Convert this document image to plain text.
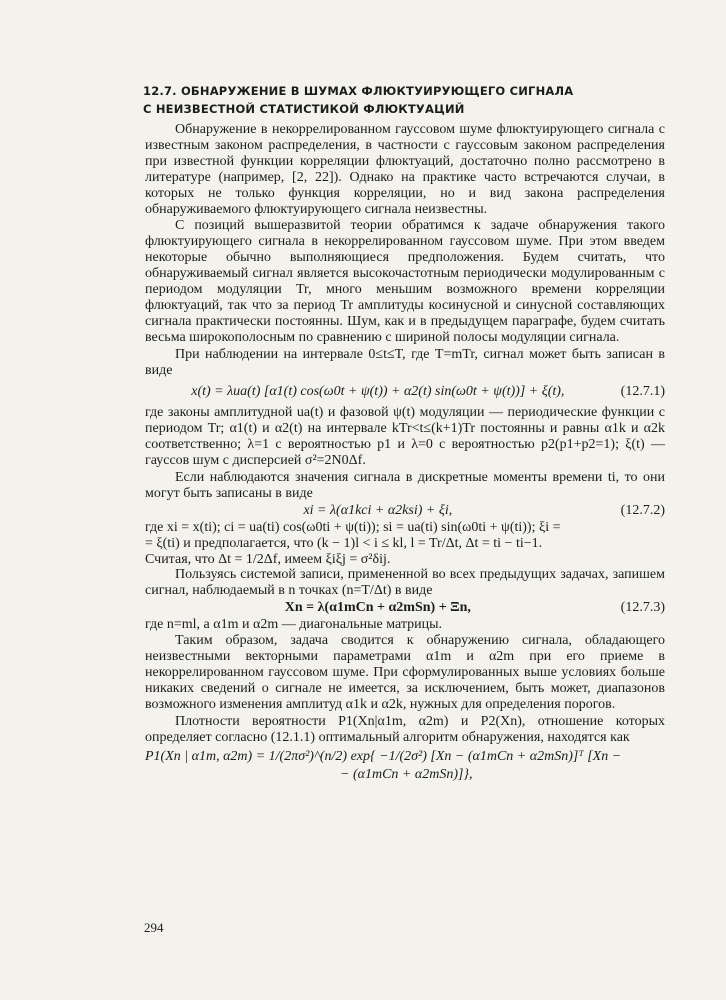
12.7. ОБНАРУЖЕНИЕ В ШУМАХ ФЛЮКТУИРУЮЩЕГО СИГНАЛА
С НЕИЗВЕСТНОЙ СТАТИСТИКОЙ ФЛЮКТУАЦИЙ

Обнаружение в некоррелированном гауссовом шуме флюктуирующего сигнала с известным законом распределения, в частности с гауссовым законом распределения при известной функции корреляции флюктуаций, достаточно полно рассмотрено в литературе (например, [2, 22]). Однако на практике часто встречаются случаи, в которых не только функция корреляции, но и вид закона распределения обнаруживаемого флюктуирующего сигнала неизвестны.

С позиций вышеразвитой теории обратимся к задаче обнаружения такого флюктуирующего сигнала в некоррелированном гауссовом шуме. При этом введем некоторые обычно выполняющиеся предположения. Будем считать, что обнаруживаемый сигнал является высокочастотным периодически модулированным с периодом модуляции Tr, много меньшим возможного времени корреляции флюктуаций, так что за период Tr амплитуды косинусной и синусной составляющих сигнала практически постоянны. Шум, как и в предыдущем параграфе, будем считать весьма широкополосным по сравнению с шириной полосы модуляции сигнала.

При наблюдении на интервале 0≤t≤T, где T=mTr, сигнал может быть записан в виде

x(t) = λua(t) [α1(t) cos(ω0t + ψ(t)) + α2(t) sin(ω0t + ψ(t))] + ξ(t),	(12.7.1)

где законы амплитудной ua(t) и фазовой ψ(t) модуляции — периодические функции с периодом Tr; α1(t) и α2(t) на интервале kTr<t≤(k+1)Tr постоянны и равны α1k и α2k соответственно; λ=1 с вероятностью p1 и λ=0 с вероятностью p2(p1+p2=1); ξ(t) — гауссов шум с дисперсией σ²=2N0Δf.

Если наблюдаются значения сигнала в дискретные моменты времени ti, то они могут быть записаны в виде

xi = λ(α1kci + α2ksi) + ξi,	(12.7.2)
где xi = x(ti); ci = ua(ti) cos(ω0ti + ψ(ti)); si = ua(ti) sin(ω0ti + ψ(ti)); ξi =
= ξ(ti) и предполагается, что (k − 1)l < i ≤ kl, l = Tr/Δt, Δt = ti − ti−1.
Считая, что Δt = 1/2Δf, имеем ξiξj = σ²δij.

Пользуясь системой записи, примененной во всех предыдущих задачах, запишем сигнал, наблюдаемый в n точках (n=T/Δt) в виде

Xn = λ(α1mCn + α2mSn) + Ξn,	(12.7.3)
где n=ml, а α1m и α2m — диагональные матрицы.

Таким образом, задача сводится к обнаружению сигнала, обладающего неизвестными векторными параметрами α1m и α2m при его приеме в некоррелированном гауссовом шуме. При сформулированных выше условиях больше никаких сведений о сигнале не имеется, за исключением, быть может, диапазонов возможного изменения амплитуд α1k и α2k, нужных для определения порогов.

Плотности вероятности P1(Xn|α1m, α2m) и P2(Xn), отношение которых определяет согласно (12.1.1) оптимальный алгоритм обнаружения, находятся как

P1(Xn | α1m, α2m) = 1/(2πσ²)^(n/2) exp{ −1/(2σ²) [Xn − (α1mCn + α2mSn)]ᵀ [Xn −
− (α1mCn + α2mSn)]},
294
